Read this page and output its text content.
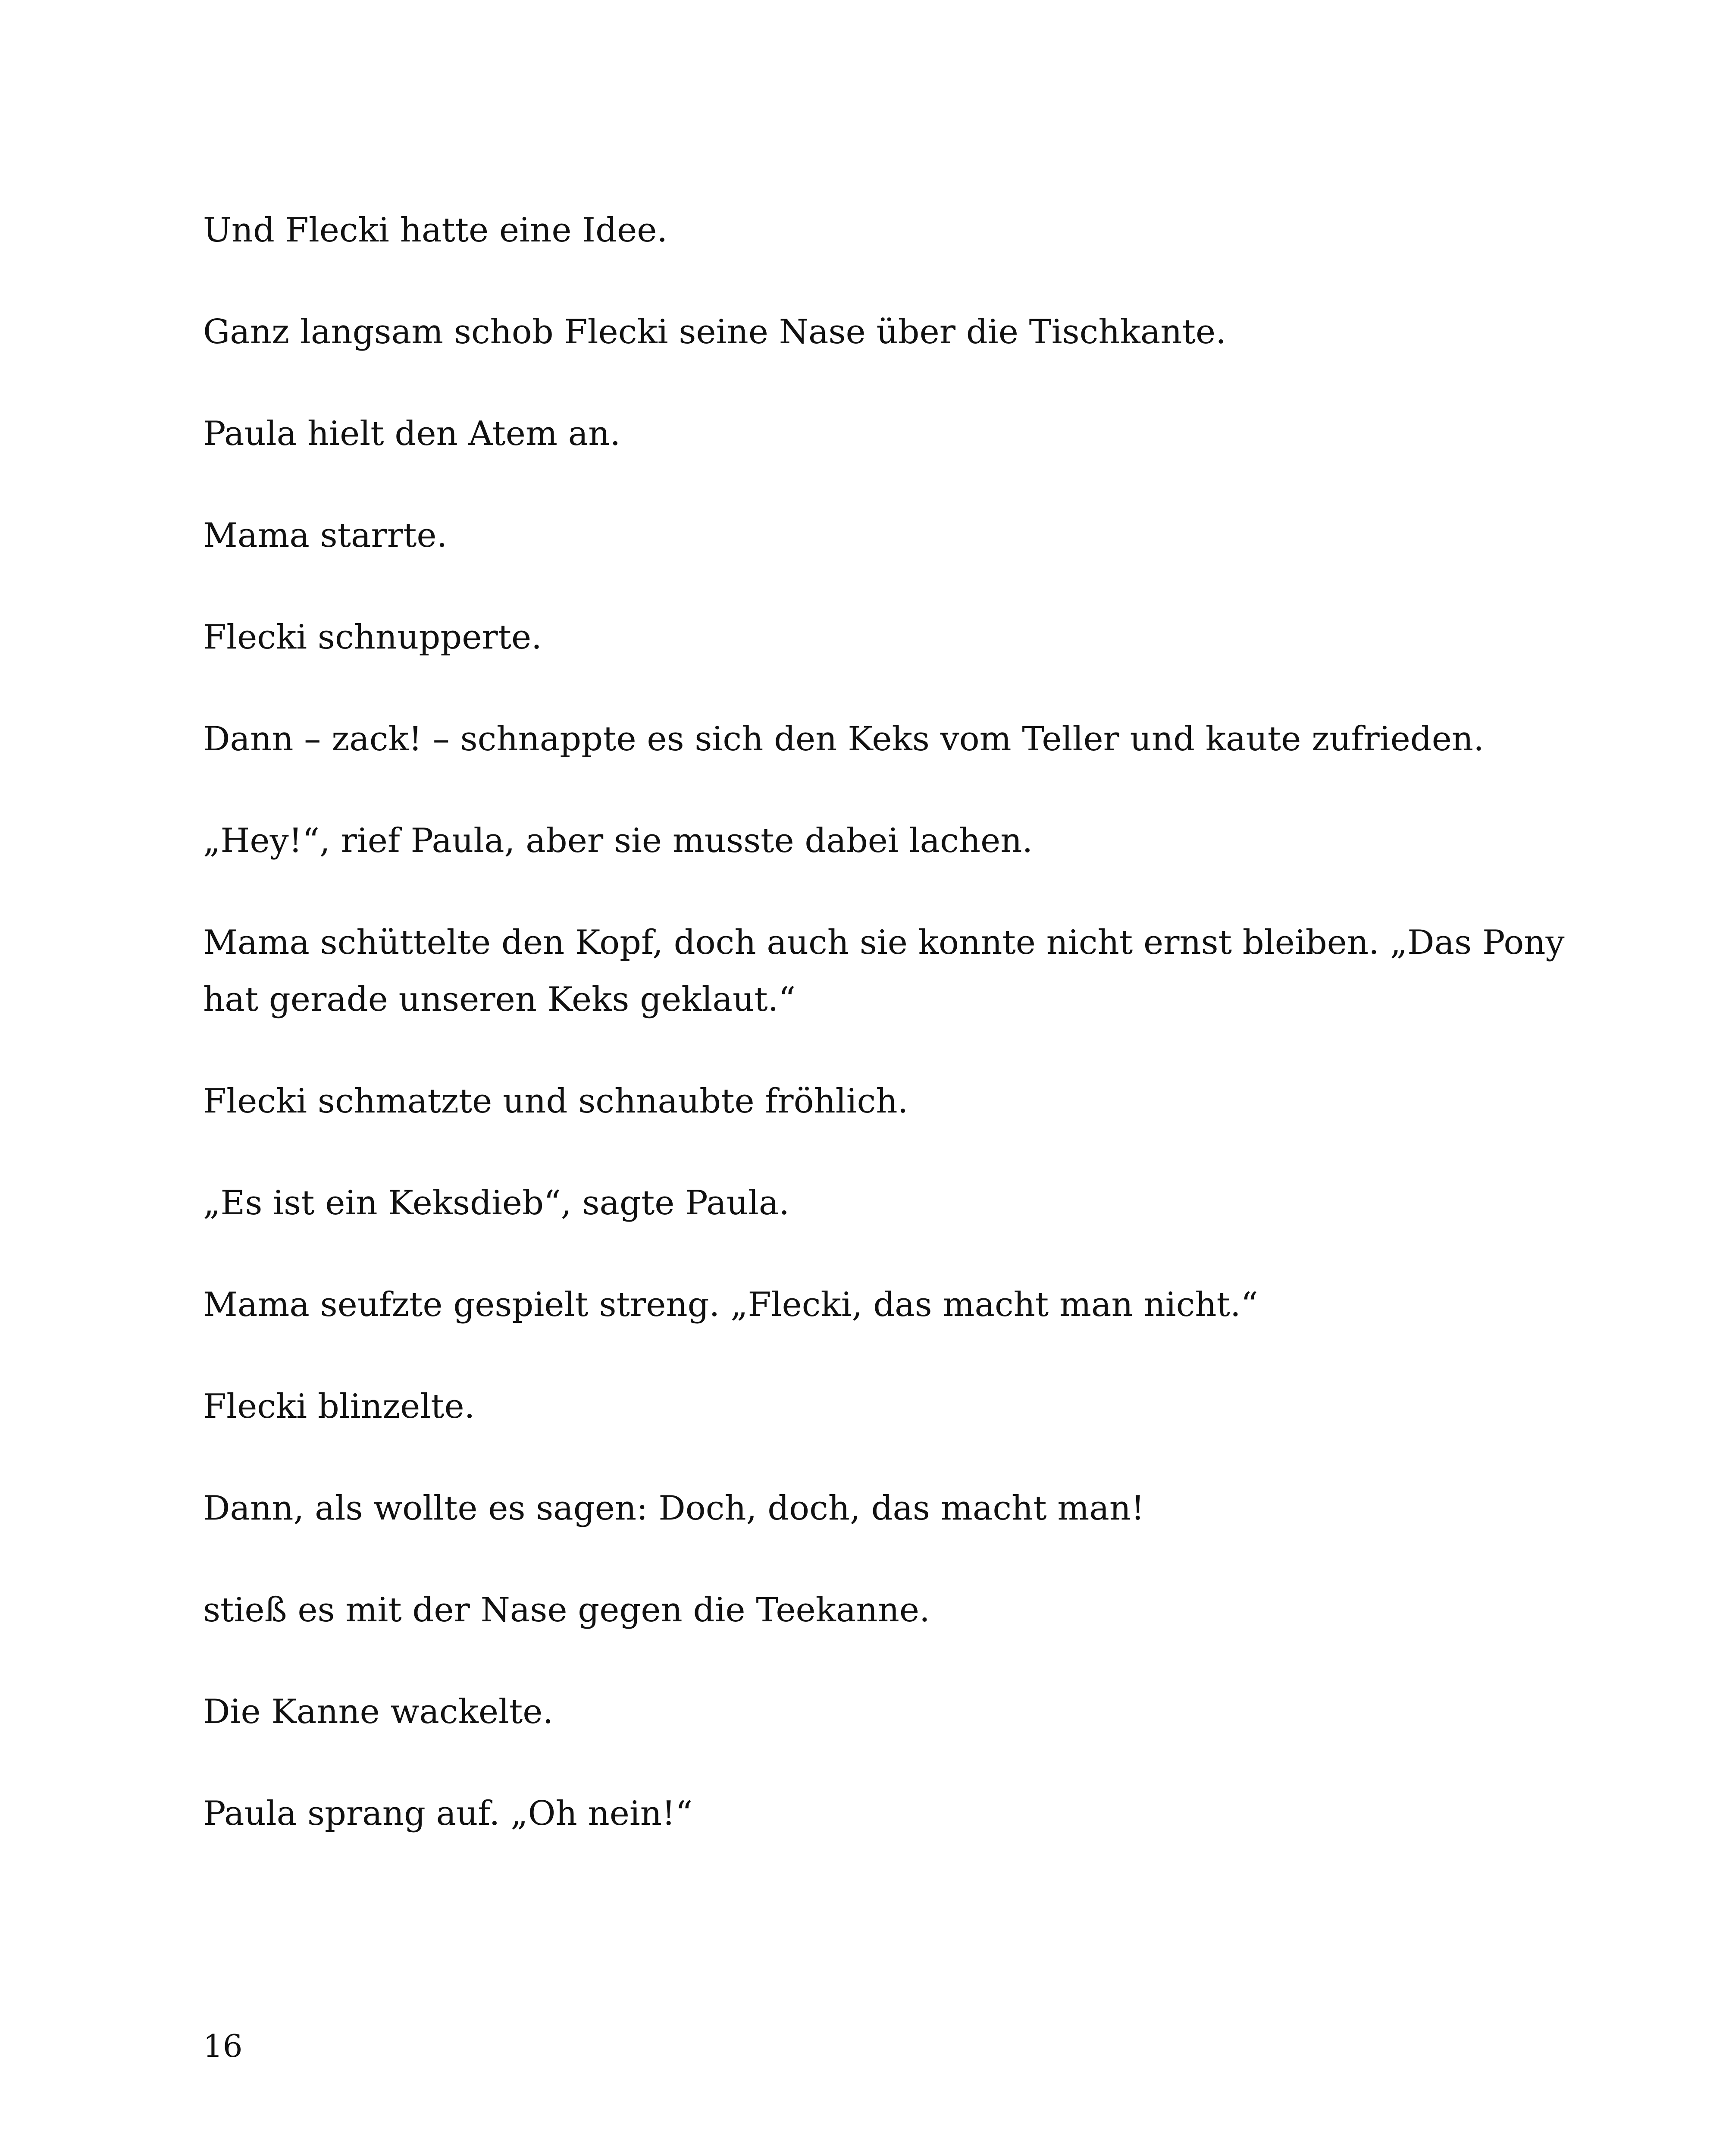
Und Flecki hatte eine Idee.

Ganz langsam schob Flecki seine Nase über die Tischkante.

Paula hielt den Atem an.

Mama starrte.

Flecki schnupperte.

Dann – zack! – schnappte es sich den Keks vom Teller und kaute zufrieden.

„Hey!“, rief Paula, aber sie musste dabei lachen.

Mama schüttelte den Kopf, doch auch sie konnte nicht ernst bleiben. „Das Pony
hat gerade unseren Keks geklaut.“

Flecki schmatzte und schnaubte fröhlich.

„Es ist ein Keksdieb“, sagte Paula.

Mama seufzte gespielt streng. „Flecki, das macht man nicht.“

Flecki blinzelte.

Dann, als wollte es sagen: Doch, doch, das macht man!

stieß es mit der Nase gegen die Teekanne.

Die Kanne wackelte.

Paula sprang auf. „Oh nein!“

16
